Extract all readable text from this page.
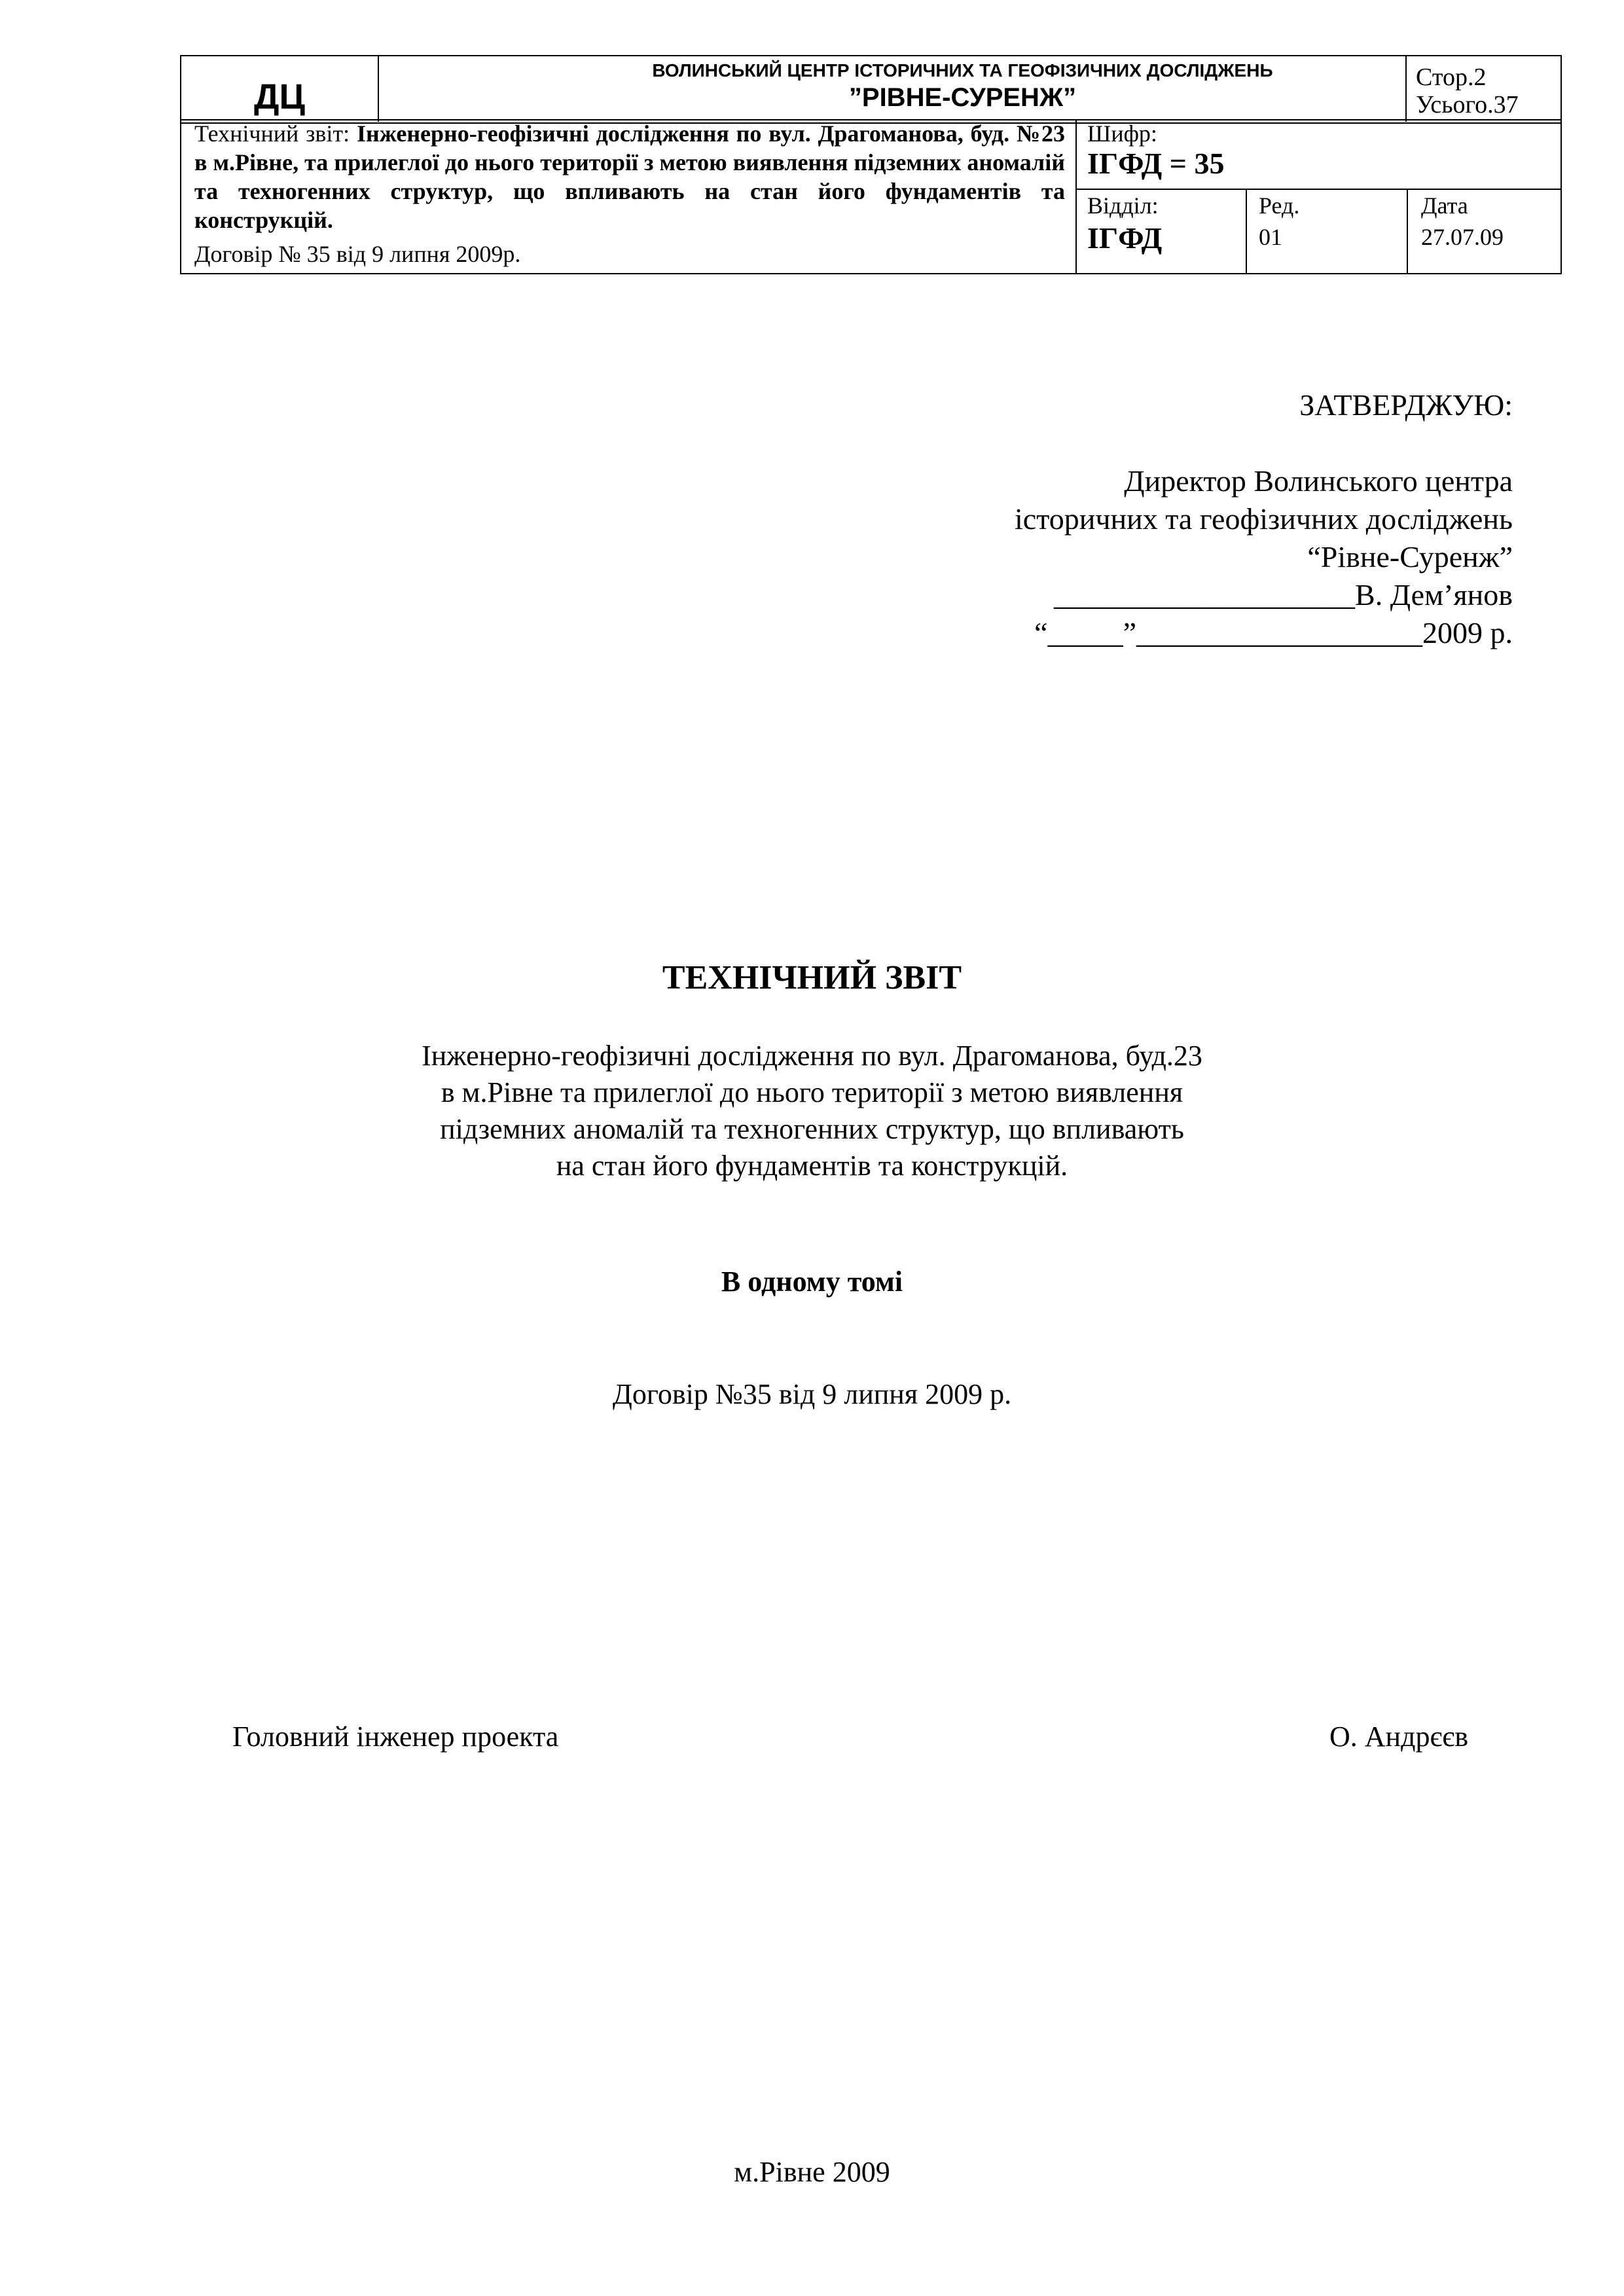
ДЦ
ВОЛИНСЬКИЙ ЦЕНТР ІСТОРИЧНИХ ТА ГЕОФІЗИЧНИХ ДОСЛІДЖЕНЬ
”РІВНЕ-СУРЕНЖ”
Стор.2
Усього.37
Технічний звіт: Інженерно-геофізичні дослідження по вул. Драгоманова, буд. №23 в м.Рівне, та прилеглої до нього території з метою виявлення підземних аномалій та техногенних структур, що впливають на стан його фундаментів та конструкцій.
Договір № 35 від 9 липня 2009р.
Шифр:
ІГФД = 35
Відділ:
ІГФД
Ред.
01
Дата
27.07.09
ЗАТВЕРДЖУЮ:
Директор Волинського центра
історичних та геофізичних досліджень
“Рівне-Суренж”
____________________В. Дем’янов
“_____”___________________2009 р.
ТЕХНІЧНИЙ ЗВІТ
Інженерно-геофізичні дослідження по вул. Драгоманова, буд.23
в м.Рівне та прилеглої до нього території з метою виявлення
підземних аномалій та техногенних структур, що впливають
на стан його фундаментів та конструкцій.
В одному томі
Договір №35 від 9 липня 2009 р.
Головний інженер проекта	О. Андрєєв
м.Рівне 2009
